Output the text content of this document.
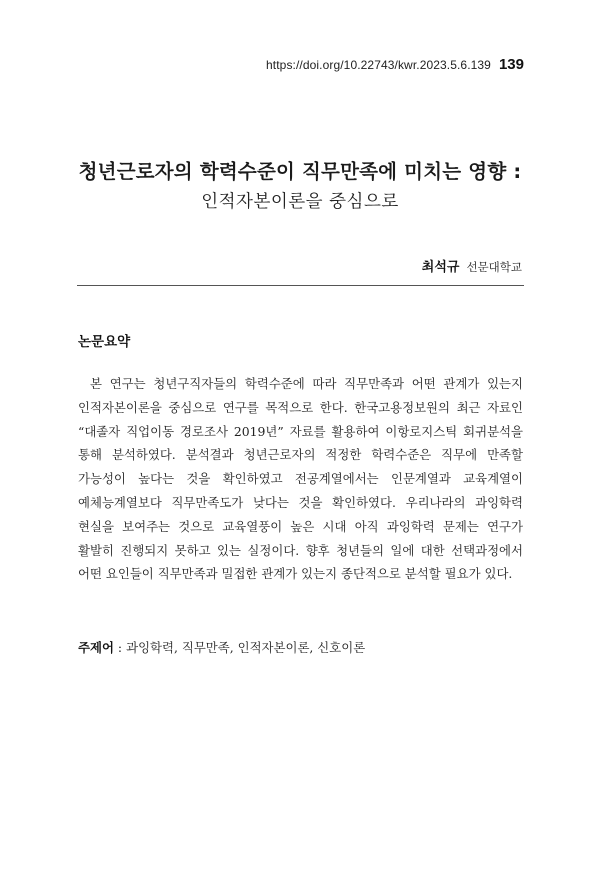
https://doi.org/10.22743/kwr.2023.5.6.139 139
청년근로자의 학력수준이 직무만족에 미치는 영향 :
인적자본이론을 중심으로
최석규 선문대학교
논문요약

본 연구는 청년구직자들의 학력수준에 따라 직무만족과 어떤 관계가 있는지 인적자본이론을 중심으로 연구를 목적으로 한다. 한국고용정보원의 최근 자료인 “대졸자 직업이동 경로조사 2019년” 자료를 활용하여 이항로지스틱 회귀분석을 통해 분석하였다. 분석결과 청년근로자의 적정한 학력수준은 직무에 만족할 가능성이 높다는 것을 확인하였고 전공계열에서는 인문계열과 교육계열이 예체능계열보다 직무만족도가 낮다는 것을 확인하였다. 우리나라의 과잉학력 현실을 보여주는 것으로 교육열풍이 높은 시대 아직 과잉학력 문제는 연구가 활발히 진행되지 못하고 있는 실정이다. 향후 청년들의 일에 대한 선택과정에서 어떤 요인들이 직무만족과 밀접한 관계가 있는지 종단적으로 분석할 필요가 있다.

주제어 : 과잉학력, 직무만족, 인적자본이론, 신호이론
